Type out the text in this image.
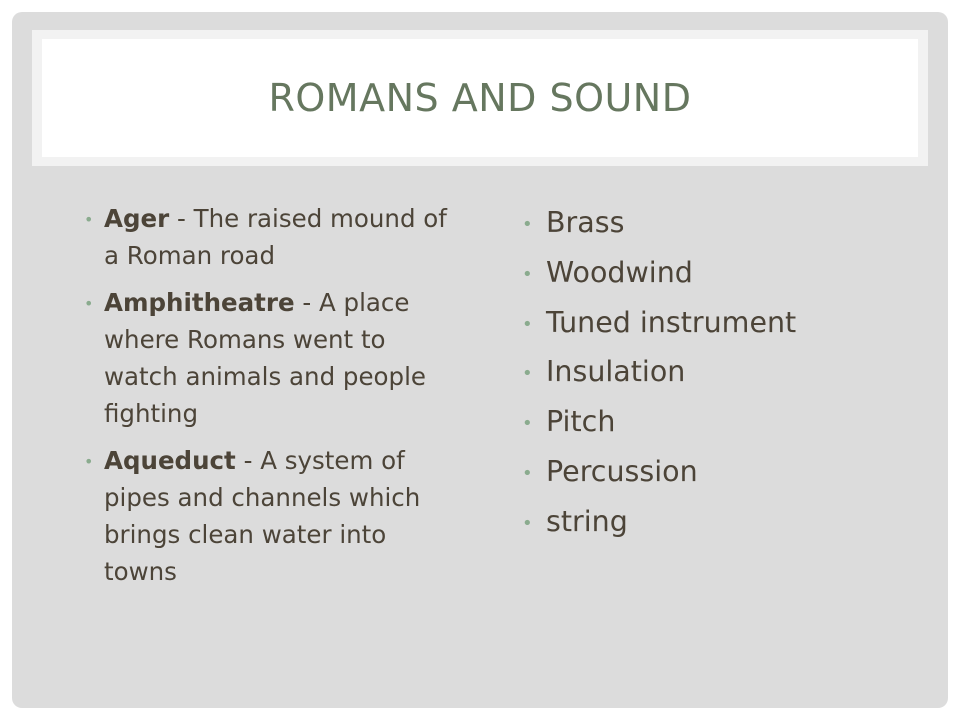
ROMANS AND SOUND
• Ager - The raised mound of a Roman road
• Amphitheatre - A place where Romans went to watch animals and people fighting
• Aqueduct - A system of pipes and channels which brings clean water into towns
• Brass
• Woodwind
• Tuned instrument
• Insulation
• Pitch
• Percussion
• string
